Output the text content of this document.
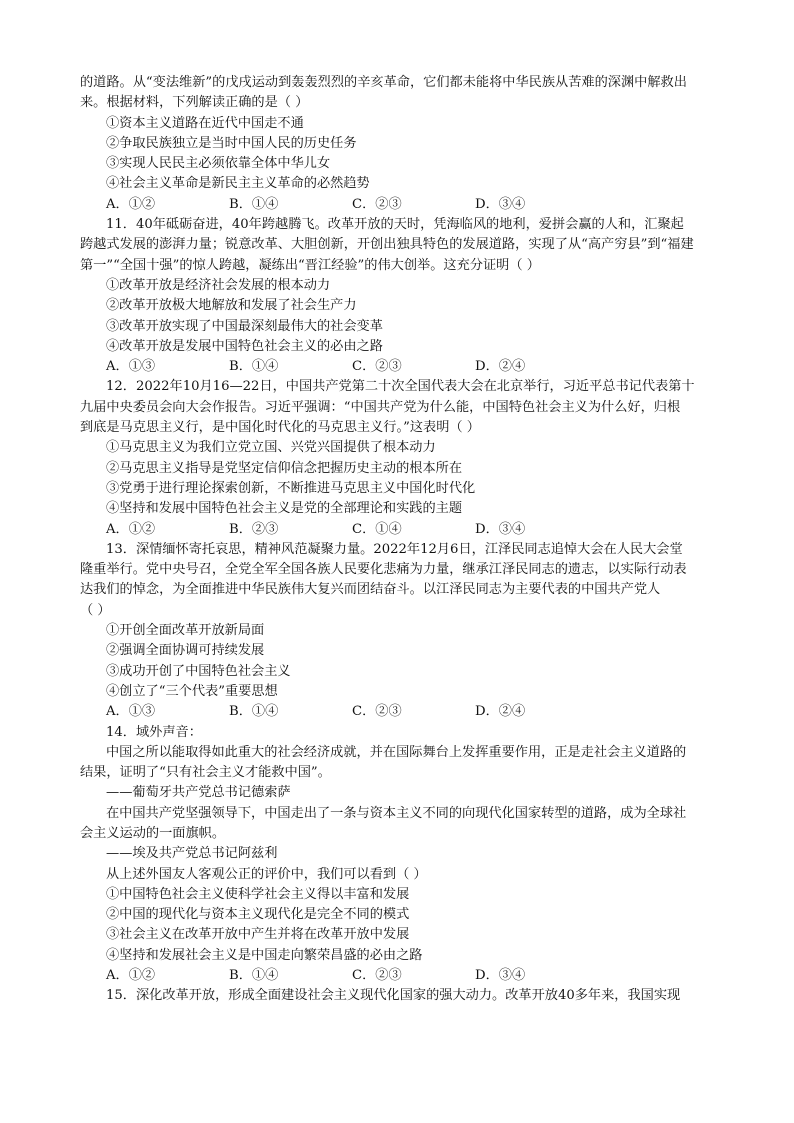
的道路。从“变法维新”的戊戌运动到轰轰烈烈的辛亥革命，它们都未能将中华民族从苦难的深渊中解救出
来。根据材料，下列解读正确的是（ ）
①资本主义道路在近代中国走不通
②争取民族独立是当时中国人民的历史任务
③实现人民民主必须依靠全体中华儿女
④社会主义革命是新民主主义革命的必然趋势
A．①②	B．①④	C．②③	D．③④
11．40年砥砺奋进，40年跨越腾飞。改革开放的天时，凭海临风的地利，爱拼会赢的人和，汇聚起
跨越式发展的澎湃力量；锐意改革、大胆创新，开创出独具特色的发展道路，实现了从“高产穷县”到“福建
第一”“全国十强”的惊人跨越，凝练出“晋江经验”的伟大创举。这充分证明（ ）
①改革开放是经济社会发展的根本动力
②改革开放极大地解放和发展了社会生产力
③改革开放实现了中国最深刻最伟大的社会变革
④改革开放是发展中国特色社会主义的必由之路
A．①③	B．①④	C．②③	D．②④
12．2022年10月16—22日，中国共产党第二十次全国代表大会在北京举行，习近平总书记代表第十
九届中央委员会向大会作报告。习近平强调：“中国共产党为什么能，中国特色社会主义为什么好，归根
到底是马克思主义行，是中国化时代化的马克思主义行。”这表明（ ）
①马克思主义为我们立党立国、兴党兴国提供了根本动力
②马克思主义指导是党坚定信仰信念把握历史主动的根本所在
③党勇于进行理论探索创新，不断推进马克思主义中国化时代化
④坚持和发展中国特色社会主义是党的全部理论和实践的主题
A．①②	B．②③	C．①④	D．③④
13．深情缅怀寄托哀思，精神风范凝聚力量。2022年12月6日，江泽民同志追悼大会在人民大会堂
隆重举行。党中央号召，全党全军全国各族人民要化悲痛为力量，继承江泽民同志的遗志，以实际行动表
达我们的悼念，为全面推进中华民族伟大复兴而团结奋斗。以江泽民同志为主要代表的中国共产党人
（ ）
①开创全面改革开放新局面
②强调全面协调可持续发展
③成功开创了中国特色社会主义
④创立了“三个代表”重要思想
A．①③	B．①④	C．②③	D．②④
14．域外声音：
中国之所以能取得如此重大的社会经济成就，并在国际舞台上发挥重要作用，正是走社会主义道路的
结果，证明了“只有社会主义才能救中国”。
——葡萄牙共产党总书记德索萨
在中国共产党坚强领导下，中国走出了一条与资本主义不同的向现代化国家转型的道路，成为全球社
会主义运动的一面旗帜。
——埃及共产党总书记阿兹利
从上述外国友人客观公正的评价中，我们可以看到（ ）
①中国特色社会主义使科学社会主义得以丰富和发展
②中国的现代化与资本主义现代化是完全不同的模式
③社会主义在改革开放中产生并将在改革开放中发展
④坚持和发展社会主义是中国走向繁荣昌盛的必由之路
A．①②	B．①④	C．②③	D．③④
15．深化改革开放，形成全面建设社会主义现代化国家的强大动力。改革开放40多年来，我国实现
